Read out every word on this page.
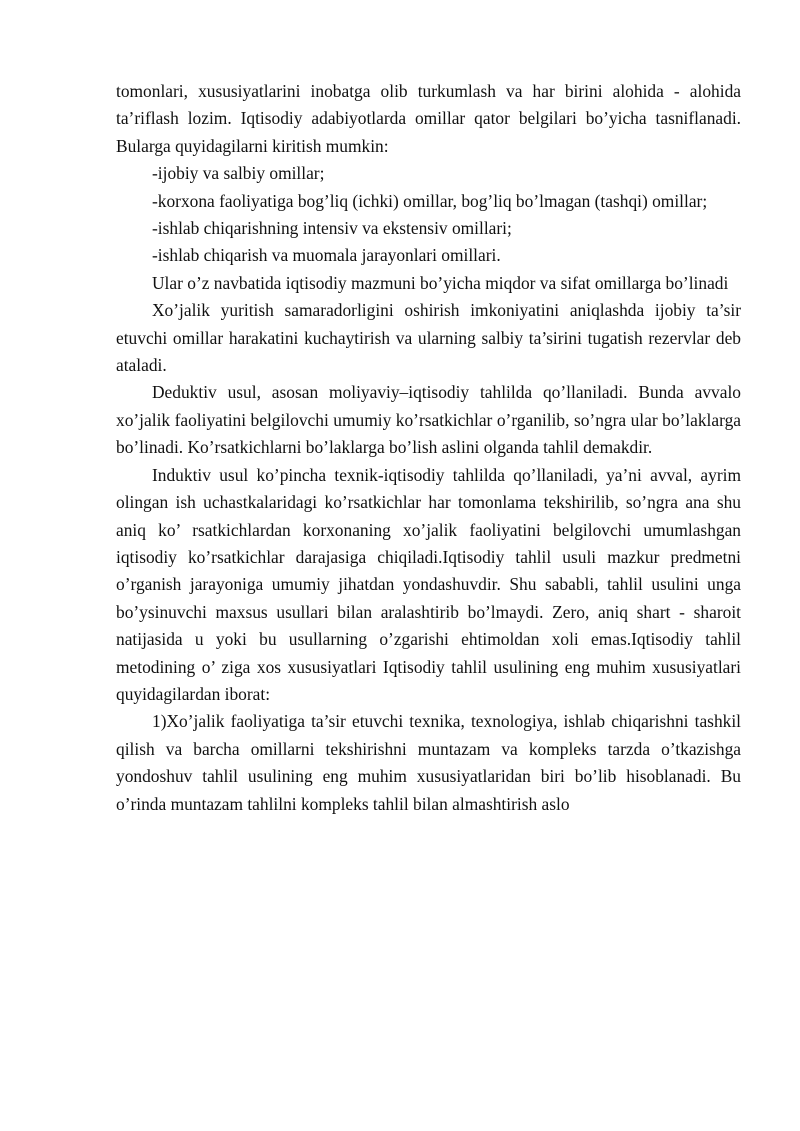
tomonlari, xususiyatlarini inobatga olib turkumlash va har birini alohida - alohida ta’riflash lozim. Iqtisodiy adabiyotlarda omillar qator belgilari bo’yicha tasniflanadi. Bularga quyidagilarni kiritish mumkin:

-ijobiy va salbiy omillar;

-korxona faoliyatiga bog’liq (ichki) omillar, bog’liq bo’lmagan (tashqi) omillar;

-ishlab chiqarishning intensiv va ekstensiv omillari;

-ishlab chiqarish va muomala jarayonlari omillari.

Ular o’z navbatida iqtisodiy mazmuni bo’yicha miqdor va sifat omillarga bo’linadi

Xo’jalik yuritish samaradorligini oshirish imkoniyatini aniqlashda ijobiy ta’sir etuvchi omillar harakatini kuchaytirish va ularning salbiy ta’sirini tugatish rezervlar deb ataladi.

Deduktiv usul, asosan moliyaviy–iqtisodiy tahlilda qo’llaniladi. Bunda avvalo xo’jalik faoliyatini belgilovchi umumiy ko’rsatkichlar o’rganilib, so’ngra ular bo’laklarga bo’linadi. Ko’rsatkichlarni bo’laklarga bo’lish aslini olganda tahlil demakdir.

Induktiv usul ko’pincha texnik-iqtisodiy tahlilda qo’llaniladi, ya’ni avval, ayrim olingan ish uchastkalaridagi ko’rsatkichlar har tomonlama tekshirilib, so’ngra ana shu aniq ko’ rsatkichlardan korxonaning xo’jalik faoliyatini belgilovchi umumlashgan iqtisodiy ko’rsatkichlar darajasiga chiqiladi.Iqtisodiy tahlil usuli mazkur predmetni o’rganish jarayoniga umumiy jihatdan yondashuvdir. Shu sababli, tahlil usulini unga bo’ysinuvchi maxsus usullari bilan aralashtirib bo’lmaydi. Zero, aniq shart - sharoit natijasida u yoki bu usullarning o’zgarishi ehtimoldan xoli emas.Iqtisodiy tahlil metodining o’ ziga xos xususiyatlari Iqtisodiy tahlil usulining eng muhim xususiyatlari quyidagilardan iborat:

1)Xo’jalik faoliyatiga ta’sir etuvchi texnika, texnologiya, ishlab chiqarishni tashkil qilish va barcha omillarni tekshirishni muntazam va kompleks tarzda o’tkazishga yondoshuv tahlil usulining eng muhim xususiyatlaridan biri bo’lib hisoblanadi. Bu o’rinda muntazam tahlilni kompleks tahlil bilan almashtirish aslo
